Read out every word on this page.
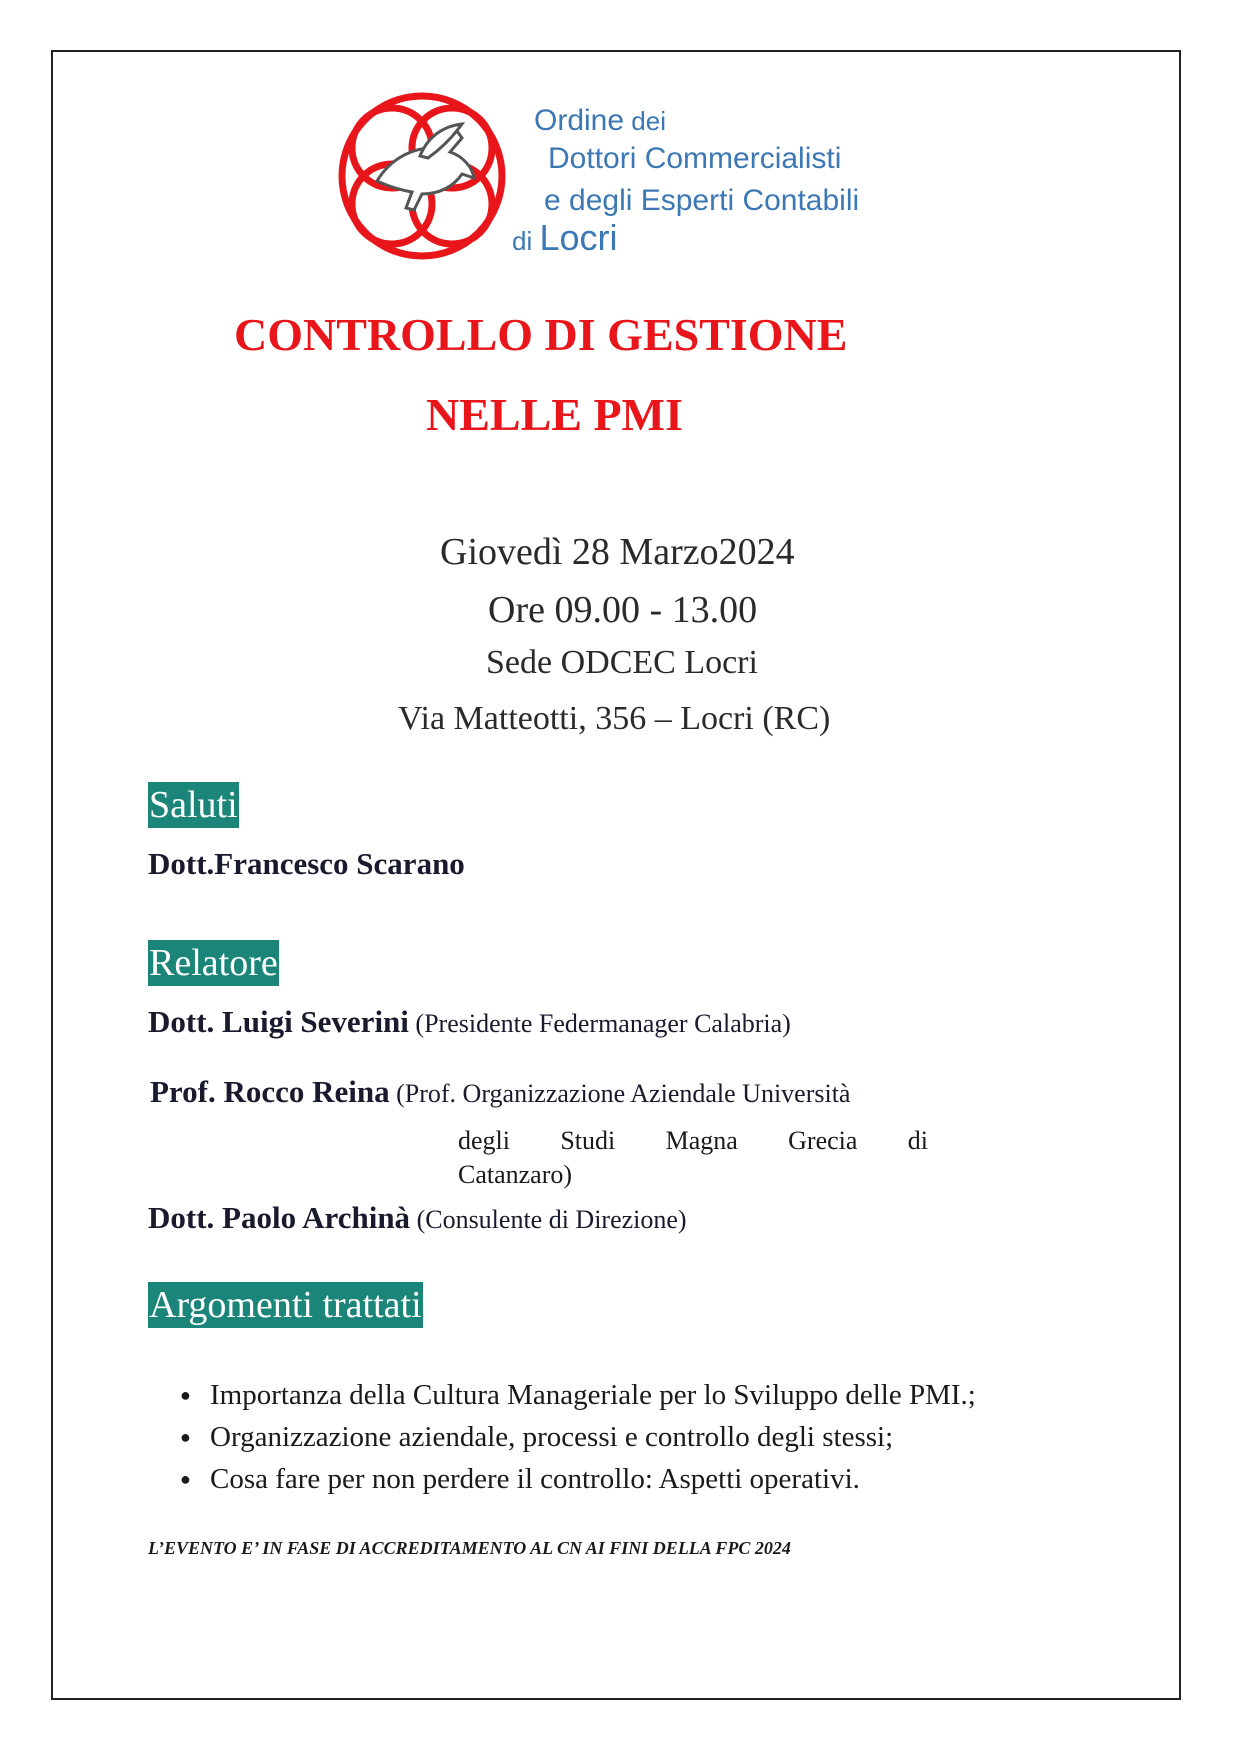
Ordine dei
Dottori Commercialisti
e degli Esperti Contabili
di Locri
CONTROLLO DI GESTIONE
NELLE PMI
Giovedì 28 Marzo2024
Ore 09.00 - 13.00
Sede ODCEC Locri
Via Matteotti, 356 – Locri (RC)
Saluti
Dott.Francesco Scarano
Relatore
Dott. Luigi Severini (Presidente Federmanager Calabria)
Prof. Rocco Reina (Prof. Organizzazione Aziendale Università
degli Studi Magna Grecia di
Catanzaro)
Dott. Paolo Archinà (Consulente di Direzione)
Argomenti trattati
● Importanza della Cultura Manageriale per lo Sviluppo delle PMI.;
● Organizzazione aziendale, processi e controllo degli stessi;
● Cosa fare per non perdere il controllo: Aspetti operativi.
L’EVENTO E’ IN FASE DI ACCREDITAMENTO AL CN AI FINI DELLA FPC 2024
